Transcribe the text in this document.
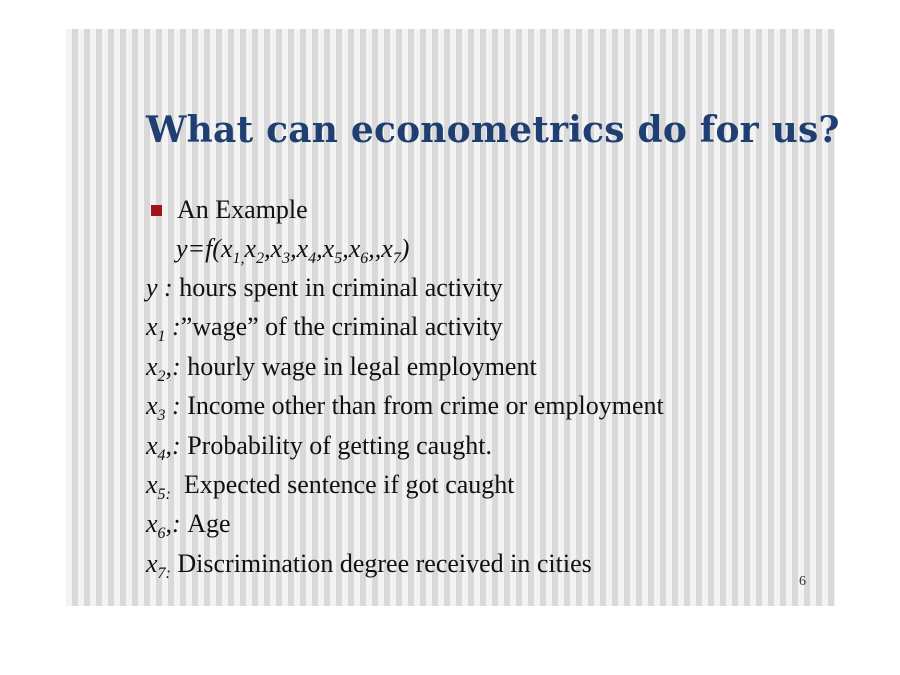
What can econometrics do for us?
An Example
$y=f(x_{1,}x_2,x_3,x_4,x_5,x_6,,x_7)$
y : hours spent in criminal activity
$x_1$ :”wage” of the criminal activity
$x_2$,: hourly wage in legal employment
$x_3$ : Income other than from crime or employment
$x_4$,: Probability of getting caught.
$x_{5:}$ Expected sentence if got caught
$x_6$,: Age
$x_{7:}$ Discrimination degree received in cities
6
